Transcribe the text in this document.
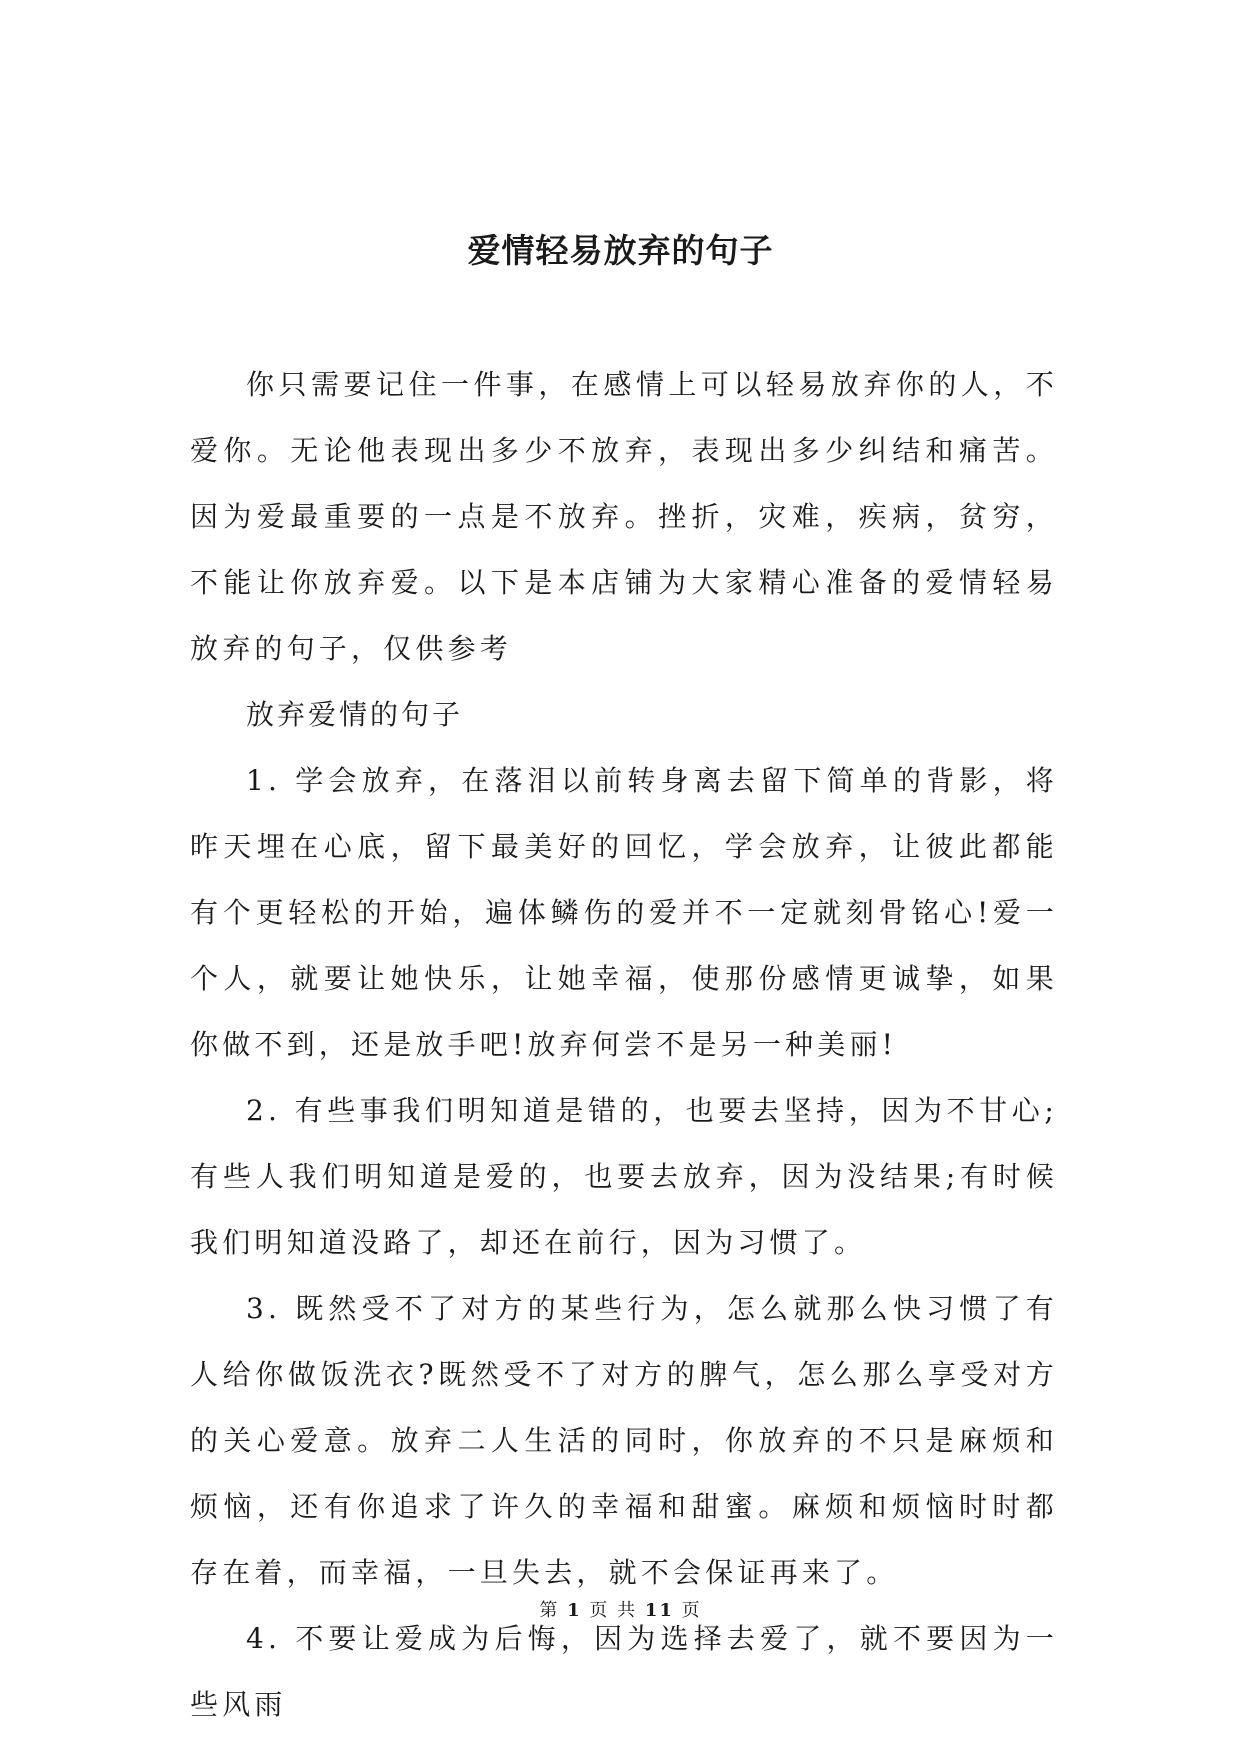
爱情轻易放弃的句子

你只需要记住一件事，在感情上可以轻易放弃你的人，不爱你。无论他表现出多少不放弃，表现出多少纠结和痛苦。因为爱最重要的一点是不放弃。挫折，灾难，疾病，贫穷，不能让你放弃爱。以下是本店铺为大家精心准备的爱情轻易放弃的句子，仅供参考

放弃爱情的句子

1. 学会放弃，在落泪以前转身离去留下简单的背影，将昨天埋在心底，留下最美好的回忆，学会放弃，让彼此都能有个更轻松的开始，遍体鳞伤的爱并不一定就刻骨铭心!爱一个人，就要让她快乐，让她幸福，使那份感情更诚挚，如果你做不到，还是放手吧!放弃何尝不是另一种美丽!

2. 有些事我们明知道是错的，也要去坚持，因为不甘心;有些人我们明知道是爱的，也要去放弃，因为没结果;有时候我们明知道没路了，却还在前行，因为习惯了。

3. 既然受不了对方的某些行为，怎么就那么快习惯了有人给你做饭洗衣?既然受不了对方的脾气，怎么那么享受对方的关心爱意。放弃二人生活的同时，你放弃的不只是麻烦和烦恼，还有你追求了许久的幸福和甜蜜。麻烦和烦恼时时都存在着，而幸福，一旦失去，就不会保证再来了。

4. 不要让爱成为后悔，因为选择去爱了，就不要因为一些风雨

第 1 页 共 11 页
